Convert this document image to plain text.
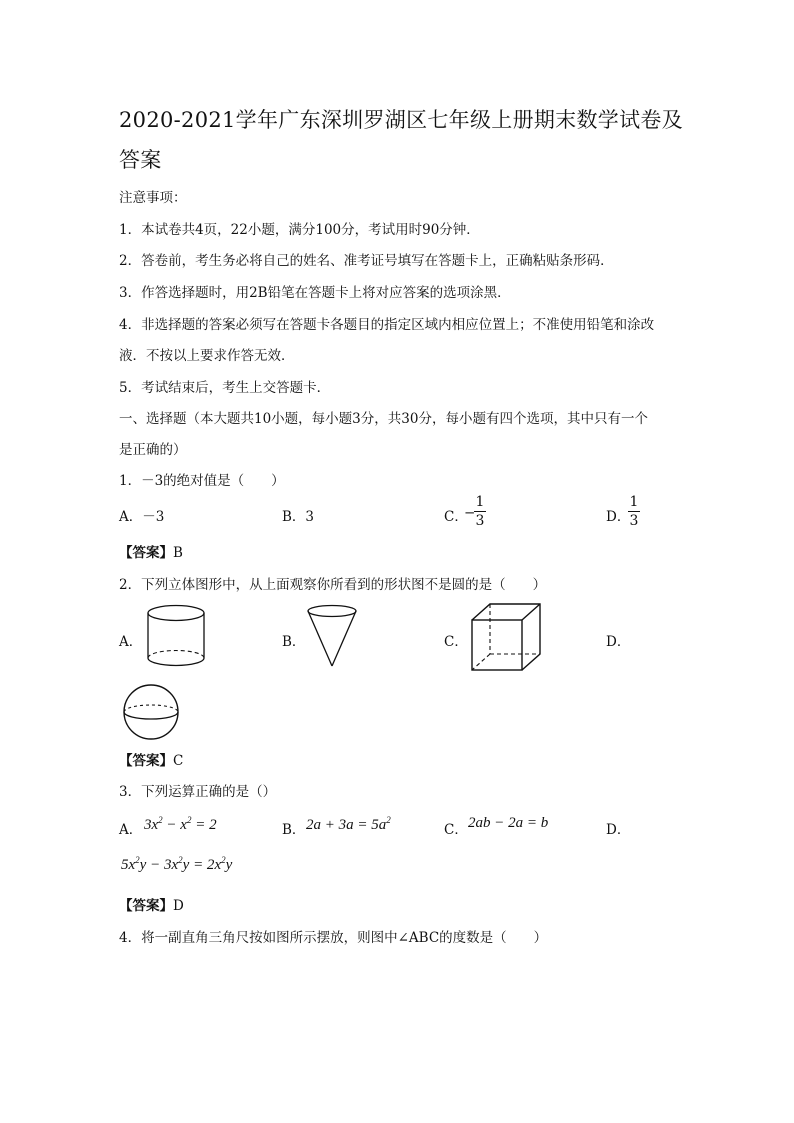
2020-2021学年广东深圳罗湖区七年级上册期末数学试卷及
答案
注意事项：
1．本试卷共4页，22小题，满分100分，考试用时90分钟．
2．答卷前，考生务必将自己的姓名、准考证号填写在答题卡上，正确粘贴条形码．
3．作答选择题时，用2B铅笔在答题卡上将对应答案的选项涂黑．
4．非选择题的答案必须写在答题卡各题目的指定区域内相应位置上；不准使用铅笔和涂改
液．不按以上要求作答无效．
5．考试结束后，考生上交答题卡．
一、选择题（本大题共10小题，每小题3分，共30分，每小题有四个选项，其中只有一个
是正确的）
1．－3的绝对值是（　　）
A．－3	B．3	C．
−
1
3	D．
1
3
【答案】B
2．下列立体图形中，从上面观察你所看到的形状图不是圆的是（　　）
A．	B．	C．	D．
【答案】C
3．下列运算正确的是（）
A． $3x^2 - x^2 = 2$	B． $2a + 3a = 5a^2$
C． 2ab − 2a = b	D．
$5x^2y - 3x^2y = 2x^2y$
【答案】D
4．将一副直角三角尺按如图所示摆放，则图中∠ABC的度数是（　　）
